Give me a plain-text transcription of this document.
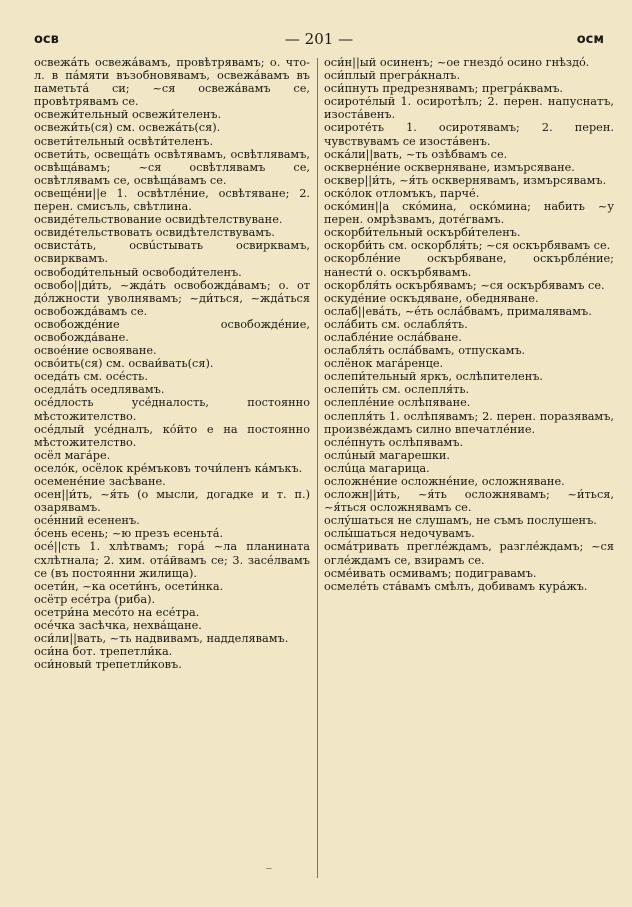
осв	— 201 —	осм

освежáть освежáвамъ, провѣтрявамъ; о. что-л. в пáмяти възобновявамъ, освежáвамъ въ паметьтá си; ~ся освежáвамъ се, провѣтрявамъ се.

освежи́тельный освежи́теленъ.

освежи́ть(ся) см. освежáть(ся).

освети́тельный освѣти́теленъ.

освети́ть, освещáть освѣтявамъ, освѣтлявамъ, освѣщáвамъ; ~ся освѣтлявамъ се, освѣтлявамъ се, освѣщáвамъ се.

освещéни||е 1. освѣтлéние, освѣтяване; 2. перен. смисъль, свѣтлина.

освиде́тельствование освидѣтелствуване.

освиде́тельствовать освидѣтелствувамъ.

освистáть, освúстывать освирквамъ, освирквамъ.

освободи́тельный освободи́теленъ.

освобо||ди́ть, ~ждáть освобождáвамъ; о. от дóлжности уволнявамъ; ~ди́ться, ~ждáться освобождáвамъ се.

освобождéние освобождéние, освобождáване.

освоéние освояване.

осво́ить(ся) см. осваи́вать(ся).

оседáть см. осéсть.

оседлáть оседлявамъ.

осéдлость усéдналость, постоянно мѣстожителство.

осéдлый усéдналъ, кóйто е на постоянно мѣстожителство.

осёл магáре.

осело́к, осёлок крéмъковъ точи́ленъ кáмъкъ.

осемене́ние засѣване.

осен||и́ть, ~я́ть (о мысли, догадке и т. п.) озарявамъ.

осéнний есененъ.

óсень есень; ~ю презъ есеньтá.

осé||сть 1. хлѣтвамъ; горá ~ла планината схлѣтнала; 2. хим. отáйвамъ се; 3. засéлвамъ се (въ постоянни жилища).

осети́н, ~ка осети́нъ, осети́нка.

осётр есéтра (риба).

осетри́на месóто на есéтра.

осéчка засѣчка, нехвáщане.

оси́ли||вать, ~ть надвивамъ, надделявамъ.

оси́на бот. трепетли́ка.

оси́новый трепетли́ковъ.

оси́н||ый осиненъ; ~ое гнездó осино гнѣздó.

оси́плый прегрáкналъ.

оси́пнуть предрезнявамъ; прегрáквамъ.

осироте́лый 1. осиротѣлъ; 2. перен. напуснатъ, изостáвенъ.

осироте́ть 1. осиротявамъ; 2. перен. чувствувамъ се изостáвенъ.

оскáли||вать, ~ть озѣбвамъ се.

осквернéние оскверняване, измърсяване.

осквер||и́ть, ~я́ть осквернявамъ, измърсявамъ.

оско́лок отломъкъ, парче́.

оскóмин||а скóмина, оскóмина; набить ~у перен. омрѣзвамъ, дотéгвамъ.

оскорби́тельный оскърби́теленъ.

оскорби́ть см. оскорбля́ть; ~ся оскърбявамъ се.

оскорблéние оскърбяване, оскърблéние; нанести́ о. оскърбявамъ.

оскорбля́ть оскърбявамъ; ~ся оскърбявамъ се.

оскуде́ние оскъдяване, обедняване.

ослаб||евáть, ~éть ослáбвамъ, прималявамъ.

ослáбить см. ослабля́ть.

ослаблéние ослáбване.

ослабля́ть ослáбвамъ, отпускамъ.

ослёнок магáренце.

ослепи́тельный яркъ, ослѣпителенъ.

ослепи́ть см. ослепля́ть.

ослеплéние ослѣпяване.

ослепля́ть 1. ослѣпявамъ; 2. перен. поразявамъ, произвéждамъ силно впечатлéние.

ослéпнуть ослѣпявамъ.

ослúный магарешки.

ослúца магарица.

осложнéние осложнéние, осложняване.

осложн||и́ть, ~я́ть осложнявамъ; ~и́ться, ~я́ться осложнявамъ се.

ослу́шаться не слушамъ, не съмъ послушенъ.

ослы́шаться недочувамъ.

осмáтривать преглéждамъ, разглéждамъ; ~ся оглéждамъ се, взирамъ се.

осмéивать осмивамъ; подигравамъ.

осмеле́ть стáвамъ смѣлъ, добивамъ кура́жъ.

_
